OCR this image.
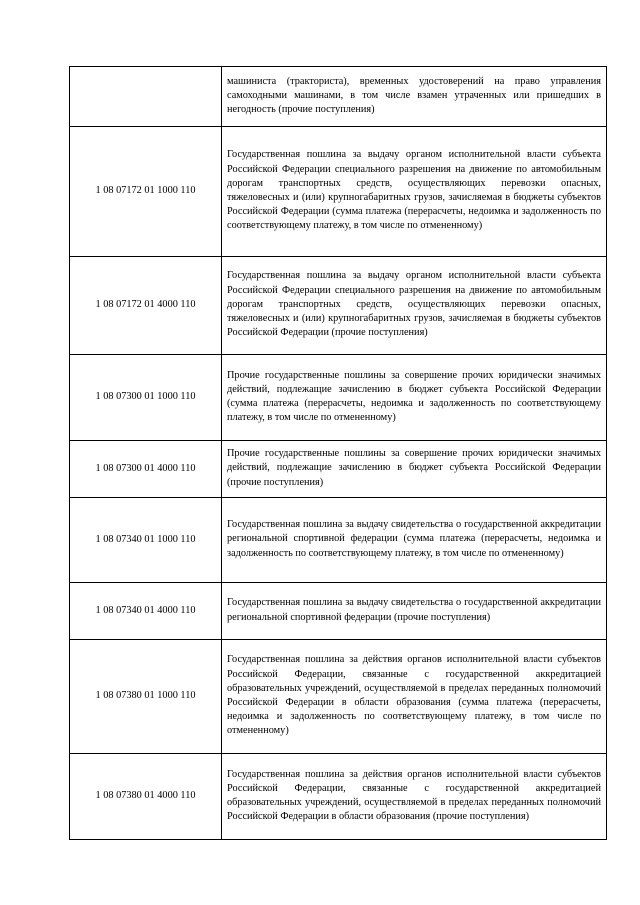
	машиниста (тракториста), временных удостоверений на право управления самоходными машинами, в том числе взамен утраченных или пришедших в негодность (прочие поступления)
1 08 07172 01 1000 110	Государственная пошлина за выдачу органом исполнительной власти субъекта Российской Федерации специального разрешения на движение по автомобильным дорогам транспортных средств, осуществляющих перевозки опасных, тяжеловесных и (или) крупногабаритных грузов, зачисляемая в бюджеты субъектов Российской Федерации (сумма платежа (перерасчеты, недоимка и задолженность по соответствующему платежу, в том числе по отмененному)
1 08 07172 01 4000 110	Государственная пошлина за выдачу органом исполнительной власти субъекта Российской Федерации специального разрешения на движение по автомобильным дорогам транспортных средств, осуществляющих перевозки опасных, тяжеловесных и (или) крупногабаритных грузов, зачисляемая в бюджеты субъектов Российской Федерации (прочие поступления)
1 08 07300 01 1000 110	Прочие государственные пошлины за совершение прочих юридически значимых действий, подлежащие зачислению в бюджет субъекта Российской Федерации (сумма платежа (перерасчеты, недоимка и задолженность по соответствующему платежу, в том числе по отмененному)
1 08 07300 01 4000 110	Прочие государственные пошлины за совершение прочих юридически значимых действий, подлежащие зачислению в бюджет субъекта Российской Федерации (прочие поступления)
1 08 07340 01 1000 110	Государственная пошлина за выдачу свидетельства о государственной аккредитации региональной спортивной федерации (сумма платежа (перерасчеты, недоимка и задолженность по соответствующему платежу, в том числе по отмененному)
1 08 07340 01 4000 110	Государственная пошлина за выдачу свидетельства о государственной аккредитации региональной спортивной федерации (прочие поступления)
1 08 07380 01 1000 110	Государственная пошлина за действия органов исполнительной власти субъектов Российской Федерации, связанные с государственной аккредитацией образовательных учреждений, осуществляемой в пределах переданных полномочий Российской Федерации в области образования (сумма платежа (перерасчеты, недоимка и задолженность по соответствующему платежу, в том числе по отмененному)
1 08 07380 01 4000 110	Государственная пошлина за действия органов исполнительной власти субъектов Российской Федерации, связанные с государственной аккредитацией образовательных учреждений, осуществляемой в пределах переданных полномочий Российской Федерации в области образования (прочие поступления)
